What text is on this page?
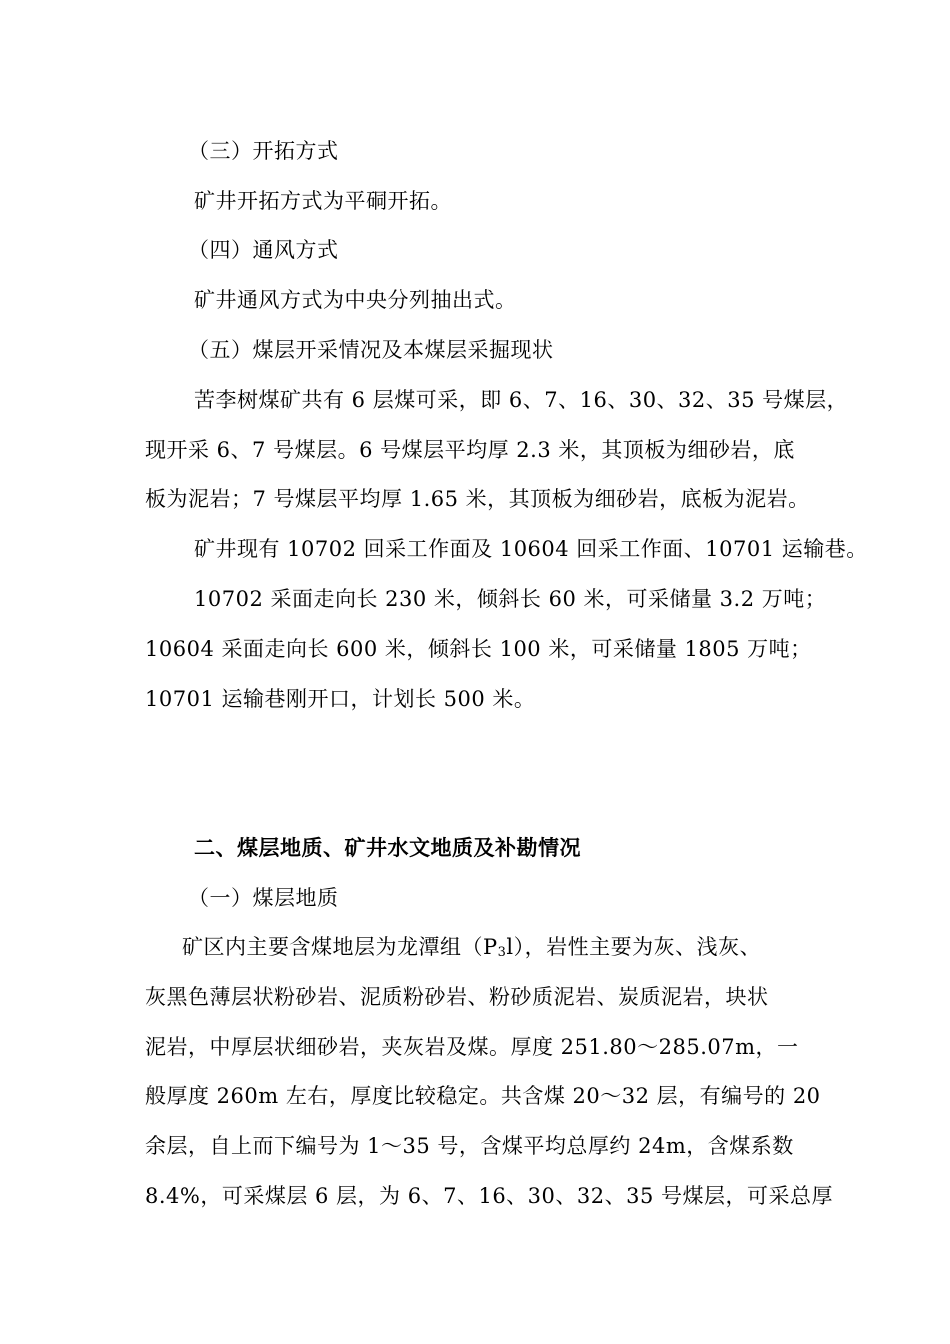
（三）开拓方式
矿井开拓方式为平硐开拓。
（四）通风方式
矿井通风方式为中央分列抽出式。
（五）煤层开采情况及本煤层采掘现状
苦李树煤矿共有 6 层煤可采，即 6、7、16、30、32、35 号煤层，
现开采 6、7 号煤层。6 号煤层平均厚 2.3 米，其顶板为细砂岩，底
板为泥岩；7 号煤层平均厚 1.65 米，其顶板为细砂岩，底板为泥岩。
矿井现有 10702 回采工作面及 10604 回采工作面、10701 运输巷。
10702 采面走向长 230 米，倾斜长 60 米，可采储量 3.2 万吨；
10604 采面走向长 600 米，倾斜长 100 米，可采储量 1805 万吨；
10701 运输巷刚开口，计划长 500 米。
二、煤层地质、矿井水文地质及补勘情况
（一）煤层地质
矿区内主要含煤地层为龙潭组$(P_3l)$，岩性主要为灰、浅灰、
灰黑色薄层状粉砂岩、泥质粉砂岩、粉砂质泥岩、炭质泥岩，块状
泥岩，中厚层状细砂岩，夹灰岩及煤。厚度 251.80～285.07m，一
般厚度 260m 左右，厚度比较稳定。共含煤 20～32 层，有编号的 20
余层，自上而下编号为 1～35 号，含煤平均总厚约 24m，含煤系数
8.4%，可采煤层 6 层，为 6、7、16、30、32、35 号煤层，可采总厚
